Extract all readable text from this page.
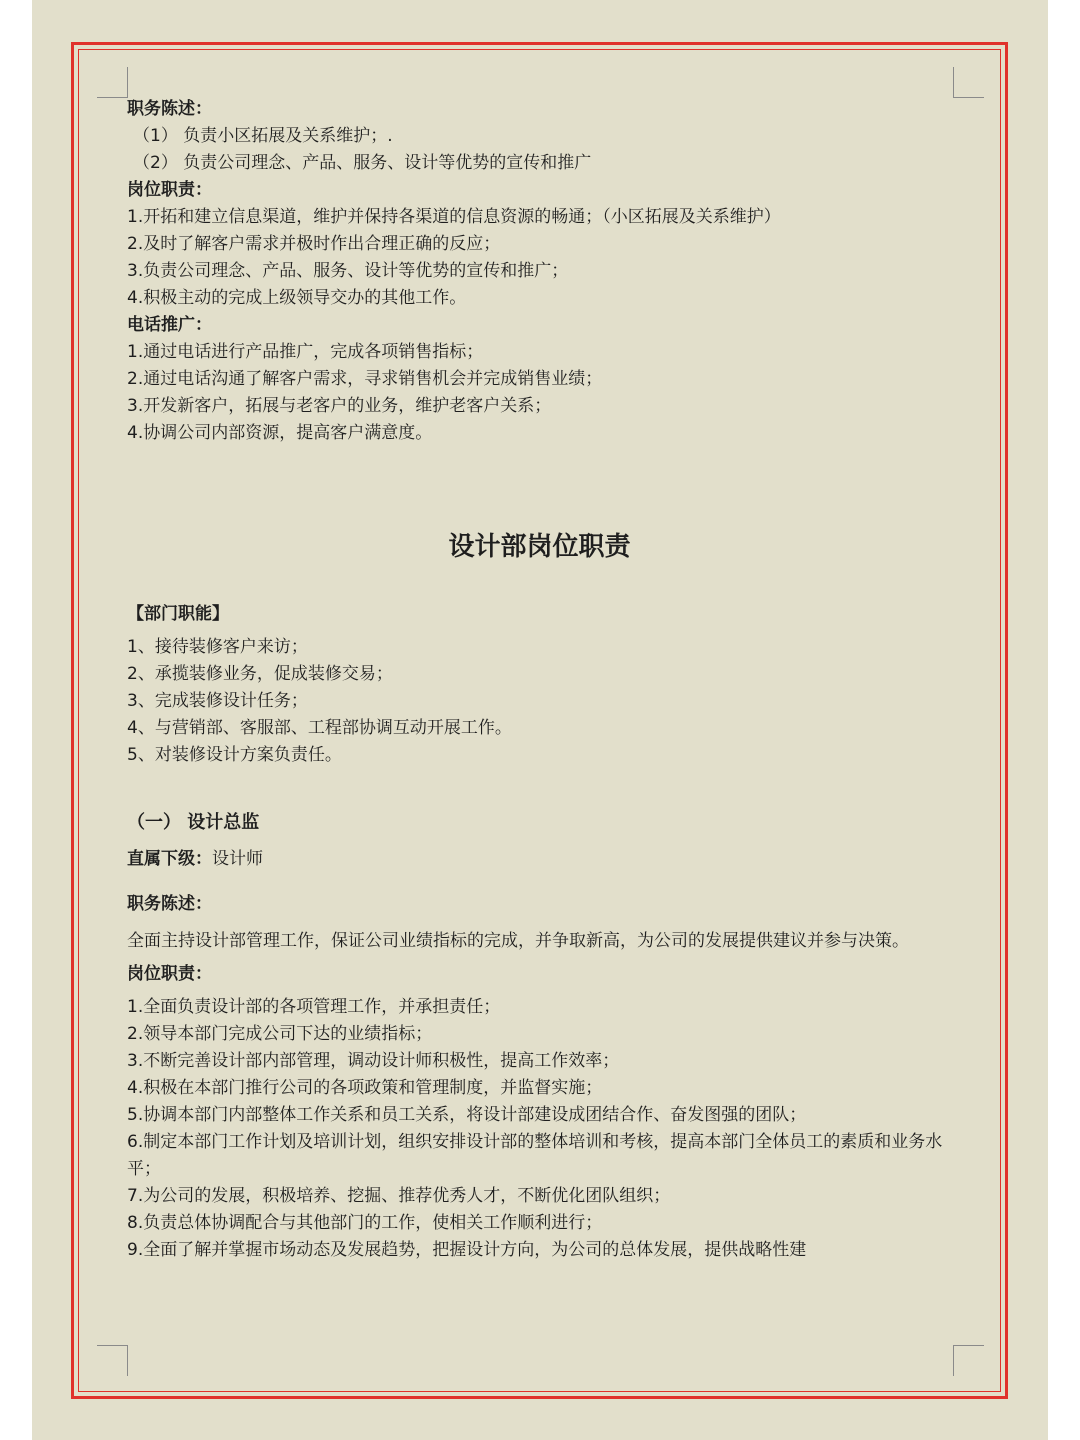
职务陈述：

（1） 负责小区拓展及关系维护；.

（2） 负责公司理念、产品、服务、设计等优势的宣传和推广

岗位职责：

1.开拓和建立信息渠道，维护并保持各渠道的信息资源的畅通；（小区拓展及关系维护）

2.及时了解客户需求并极时作出合理正确的反应；

3.负责公司理念、产品、服务、设计等优势的宣传和推广；

4.积极主动的完成上级领导交办的其他工作。

电话推广：

1.通过电话进行产品推广，完成各项销售指标；

2.通过电话沟通了解客户需求，寻求销售机会并完成销售业绩；

3.开发新客户，拓展与老客户的业务，维护老客户关系；

4.协调公司内部资源，提高客户满意度。

设计部岗位职责

【部门职能】

1、接待装修客户来访；

2、承揽装修业务，促成装修交易；

3、完成装修设计任务；

4、与营销部、客服部、工程部协调互动开展工作。

5、对装修设计方案负责任。

（一） 设计总监

直属下级：设计师

职务陈述：

全面主持设计部管理工作，保证公司业绩指标的完成，并争取新高，为公司的发展提供建议并参与决策。

岗位职责：

1.全面负责设计部的各项管理工作，并承担责任；

2.领导本部门完成公司下达的业绩指标；

3.不断完善设计部内部管理，调动设计师积极性，提高工作效率；

4.积极在本部门推行公司的各项政策和管理制度，并监督实施；

5.协调本部门内部整体工作关系和员工关系，将设计部建设成团结合作、奋发图强的团队；

6.制定本部门工作计划及培训计划，组织安排设计部的整体培训和考核，提高本部门全体员工的素质和业务水平；

7.为公司的发展，积极培养、挖掘、推荐优秀人才，不断优化团队组织；

8.负责总体协调配合与其他部门的工作，使相关工作顺利进行；

9.全面了解并掌握市场动态及发展趋势，把握设计方向，为公司的总体发展，提供战略性建
